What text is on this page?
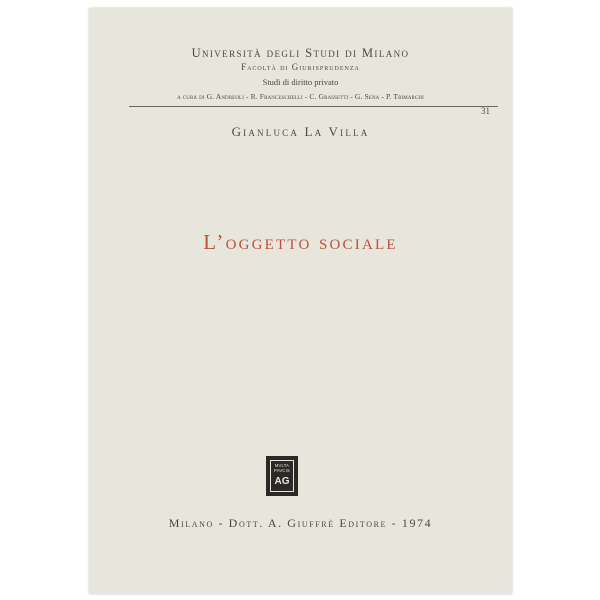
Università degli Studi di Milano
Facoltà di Giurisprudenza
Studi di diritto privato
a cura di G. Andreoli - R. Franceschelli - C. Grassetti - G. Sena - P. Trimarchi
31
Gianluca La Villa
L’oggetto sociale
MVLTA
PAVCIS
AG
Milano - Dott. A. Giuffrè Editore - 1974
